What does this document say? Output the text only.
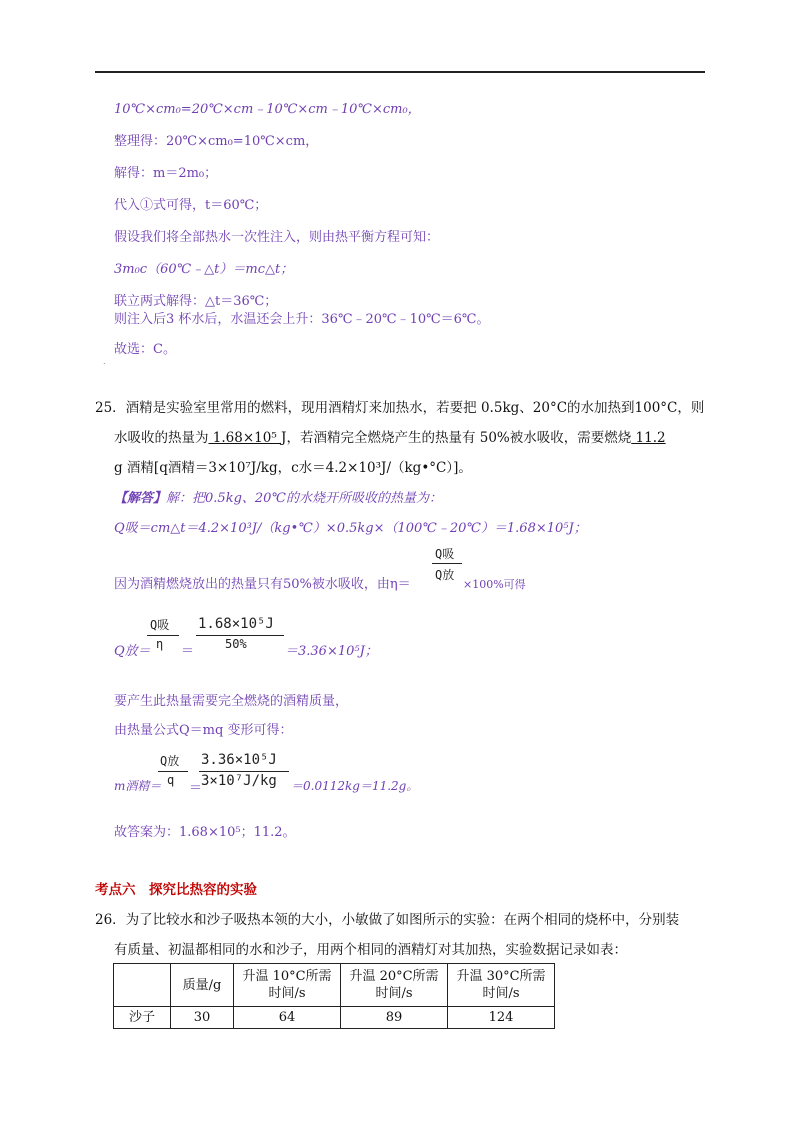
10℃×cm₀=20℃×cm﹣10℃×cm﹣10℃×cm₀，
整理得：20℃×cm₀=10℃×cm，
解得：m＝2m₀；
代入①式可得，t＝60℃；
假设我们将全部热水一次性注入，则由热平衡方程可知：
3m₀c（60℃﹣△t）＝mc△t；
联立两式解得：△t＝36℃；
则注入后3 杯水后，水温还会上升：36℃﹣20℃﹣10℃＝6℃。
故选：C。
.
25．酒精是实验室里常用的燃料，现用酒精灯来加热水，若要把 0.5kg、20°C的水加热到100°C，则
水吸收的热量为 1.68×10⁵ J，若酒精完全燃烧产生的热量有 50%被水吸收，需要燃烧 11.2
g 酒精[q酒精＝3×10⁷J/kg，c水＝4.2×10³J/（kg•°C）]。
【解答】解：把0.5kg、20℃的水烧开所吸收的热量为：
Q吸＝cm△t＝4.2×10³J/（kg•℃）×0.5kg×（100℃﹣20℃）＝1.68×10⁵J；
因为酒精燃烧放出的热量只有50%被水吸收，由η＝
Q吸
Q放
×100%可得
Q放＝
Q吸
η ＝
1.68×10⁵J
50%	＝3.36×10⁵J；
要产生此热量需要完全燃烧的酒精质量，
由热量公式Q＝mq 变形可得：
m酒精＝
Q放
q
＝
3.36×10⁵J
3×10⁷J/kg ＝0.0112kg＝11.2g。
故答案为：1.68×10⁵；11.2。
考点六　探究比热容的实验
26．为了比较水和沙子吸热本领的大小，小敏做了如图所示的实验：在两个相同的烧杯中，分别装
有质量、初温都相同的水和沙子，用两个相同的酒精灯对其加热，实验数据记录如表：
	质量/g	升温 10°C所需时间/s	升温 20°C所需时间/s	升温 30°C所需时间/s
沙子	30	64	89	124
